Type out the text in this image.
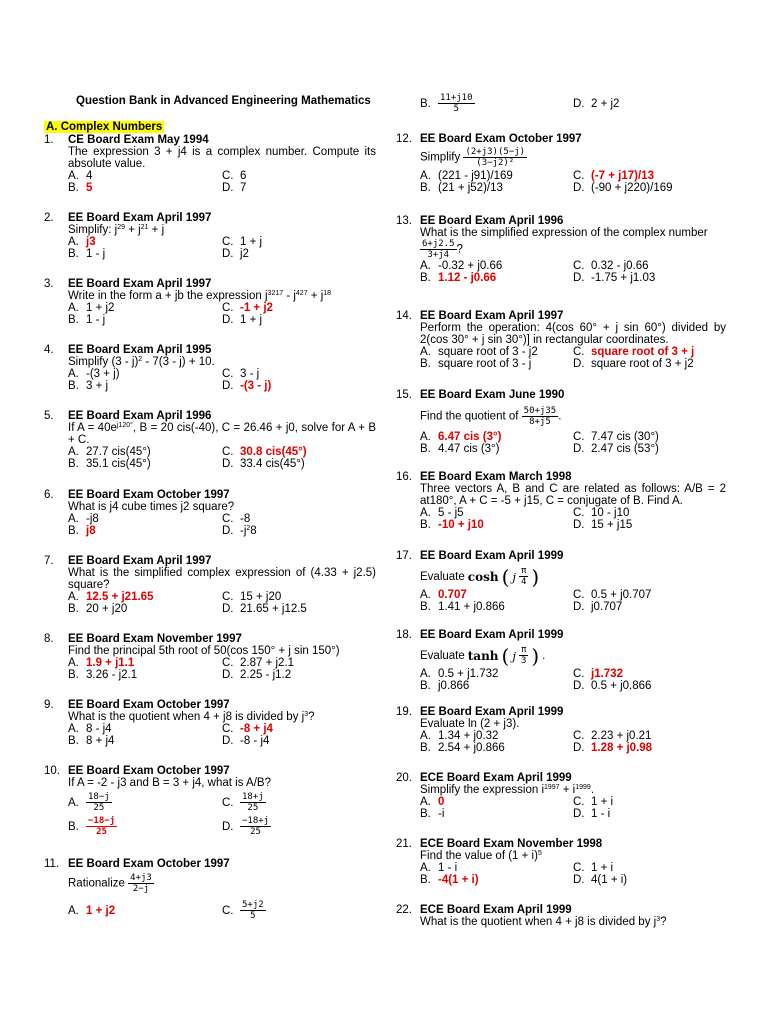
Question Bank in Advanced Engineering Mathematics
A. Complex Numbers
1. CE Board Exam May 1994
The expression 3 + j4 is a complex number. Compute its absolute value.
A. 4	C. 6
B. 5	D. 7
2. EE Board Exam April 1997
Simplify: $j^{29} + j^{21} + j$
A. j3	C. 1 + j
B. 1 - j	D. j2
3. EE Board Exam April 1997
Write in the form a + jb the expression $j^{3217} - j^{427} + j^{18}$
A. 1 + j2	C. -1 + j2
B. 1 - j	D. 1 + j
4. EE Board Exam April 1995
Simplify (3 - j)$^2$ - 7(3 - j) + 10.
A. -(3 + j)	C. 3 - j
B. 3 + j	D. -(3 - j)
5. EE Board Exam April 1996
If $A = 40e^{j120^\circ}$, B = 20 cis(-40), C = 26.46 + j0, solve for A + B + C.
A. 27.7 cis(45°)	C. 30.8 cis(45°)
B. 35.1 cis(45°)	D. 33.4 cis(45°)
6. EE Board Exam October 1997
What is j4 cube times j2 square?
A. -j8	C. -8
B. j8	D. $-j^28$
7. EE Board Exam April 1997
What is the simplified complex expression of (4.33 + j2.5) square?
A. 12.5 + j21.65	C. 15 + j20
B. 20 + j20	D. 21.65 + j12.5
8. EE Board Exam November 1997
Find the principal 5th root of 50(cos 150° + j sin 150°)
A. 1.9 + j1.1	C. 2.87 + j2.1
B. 3.26 - j2.1	D. 2.25 - j1.2
9. EE Board Exam October 1997
What is the quotient when 4 + j8 is divided by $j^3$?
A. 8 - j4	C. -8 + j4
B. 8 + j4	D. -8 - j4
10. EE Board Exam October 1997
If A = -2 - j3 and B = 3 + j4, what is A/B?
A. $\frac{18-j}{25}$	C. $\frac{18+j}{25}$
B. $\frac{-18-j}{25}$	D. $\frac{-18+j}{25}$
11. EE Board Exam October 1997
Rationalize $\frac{4+j3}{2-j}$
A. 1 + j2	C. $\frac{5+j2}{5}$
B. $\frac{11+j10}{5}$	D. 2 + j2
12. EE Board Exam October 1997
Simplify $\frac{(2+j3)(5-j)}{\text{(3−j2)²}}$
A. (221 - j91)/169	C. (-7 + j17)/13
B. (21 + j52)/13	D. (-90 + j220)/169
13. EE Board Exam April 1996
What is the simplified expression of the complex number
$\frac{6+j2.5}{3+j4}$ ?
A. -0.32 + j0.66	C. 0.32 - j0.66
B. 1.12 - j0.66	D. -1.75 + j1.03
14. EE Board Exam April 1997
Perform the operation: 4(cos 60° + j sin 60°) divided by 2(cos 30° + j sin 30°)] in rectangular coordinates.
A. square root of 3 - j2	C. square root of 3 + j
B. square root of 3 - j	D. square root of 3 + j2
15. EE Board Exam June 1990
Find the quotient of $\frac{50+j35}{8+j5}$ .
A. 6.47 cis (3°)	C. 7.47 cis (30°)
B. 4.47 cis (3°)	D. 2.47 cis (53°)
16. EE Board Exam March 1998
Three vectors A, B and C are related as follows: A/B = 2 at180°, A + C = -5 + j15, C = conjugate of B. Find A.
A. 5 - j5	C. 10 - j10
B. -10 + j10	D. 15 + j15
17. EE Board Exam April 1999
Evaluate cosh ( j $\frac{\pi}{4}$ )
A. 0.707	C. 0.5 + j0.707
B. 1.41 + j0.866	D. j0.707
18. EE Board Exam April 1999
Evaluate tanh ( j $\frac{\pi}{3}$ ) .
A. 0.5 + j1.732	C. j1.732
B. j0.866	D. 0.5 + j0.866
19. EE Board Exam April 1999
Evaluate ln (2 + j3).
A. 1.34 + j0.32	C. 2.23 + j0.21
B. 2.54 + j0.866	D. 1.28 + j0.98
20. ECE Board Exam April 1999
Simplify the expression $i^{1997} + i^{1999}$.
A. 0	C. 1 + i
B. -i	D. 1 - i
21. ECE Board Exam November 1998
Find the value of $(1 + i)^5$
A. 1 - i	C. 1 + i
B. -4(1 + i)	D. 4(1 + i)
22. ECE Board Exam April 1999
What is the quotient when 4 + j8 is divided by $j^3$?
